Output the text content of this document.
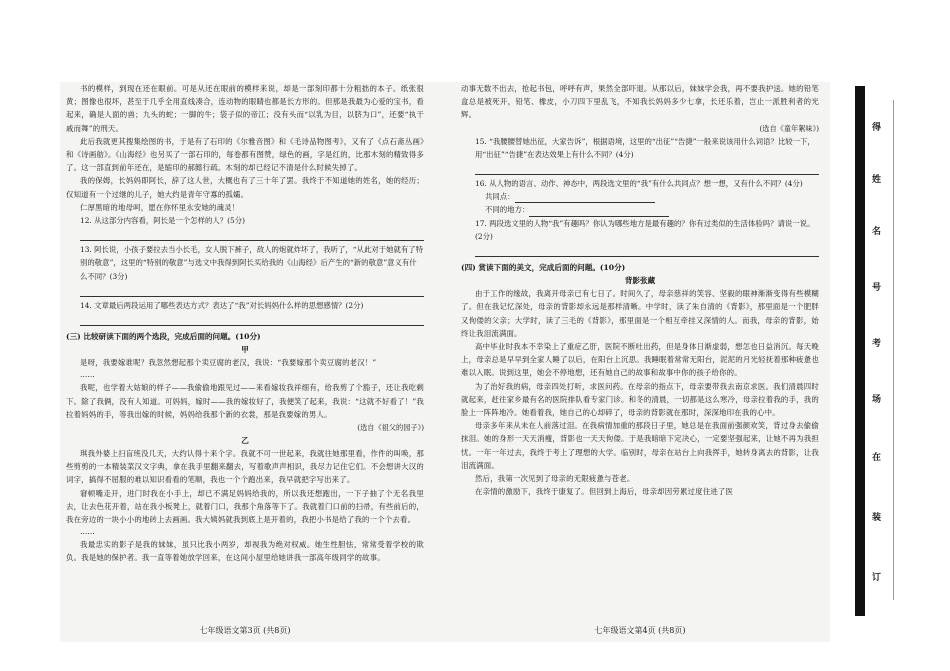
书的模样，到现在还在眼前。可是从还在眼前的模样来说，却是一部刻印都十分粗拙的本子。纸张很黄；图像也很坏，甚至于几乎全用直线凑合，连动物的眼睛也都是长方形的。但那是我最为心爱的宝书，看起来，确是人面的兽；九头的蛇；一脚的牛；袋子似的帝江；没有头而“以乳为目，以脐为口”，还要“执干戚而舞”的刑天。

此后我就更其搜集绘图的书，于是有了石印的《尔雅音图》和《毛诗品物图考》，又有了《点石斋丛画》和《诗画舫》。《山海经》也另买了一部石印的，每卷都有图赞，绿色的画，字是红的，比那木刻的精致得多了。这一部直到前年还在，是缩印的郝懿行疏。木刻的却已经记不清是什么时候失掉了。

我的保姆，长妈妈即阿长，辞了这人世，大概也有了三十年了罢。我终于不知道她的姓名，她的经历；仅知道有一个过继的儿子，她大约是青年守寡的孤孀。

仁厚黑暗的地母呵，愿在你怀里永安她的魂灵！

12. 从这部分内容看，阿长是一个怎样的人？(5分)

13. 阿长说，小孩子要拉去当小长毛，女人脱下裤子，敌人的炮就炸坏了，我听了，“从此对于她就有了特别的敬意”，这里的“特别的敬意”与选文中我得到阿长买给我的《山海经》后产生的“新的敬意”意义有什么不同？(3分)

14. 文章最后两段运用了哪些表达方式？表达了“我”对长妈妈什么样的思想感情？(2分)

(三) 比较研读下面的两个选段，完成后面的问题。(10分)

甲

是呀，我要嫁谁呢？我忽然想起那个卖豆腐的老汉，我说：“我要嫁那个卖豆腐的老汉！”

……

我呢，也学着大姑娘的样子——我偷偷地跟见过——来看嫁妆我祥细有，给我剪了个豁子，还让我吃剩下。除了我俩，没有人知道。可妈妈，嫁时——我的嫁妆好了，我便笑了起来，我说：“这就不好看了！”我拉着妈妈的手，等我出嫁的时候，妈妈给我那个新的衣裳，那是我要嫁的男人。

(选自《祖父的园子》)

乙

琪我外婆上扫盲班没几天，大约认得十来个字。我就不可一世起来，我就往她那里看，作件的叫唤，那些剪剪的一本精装菜汉文字典，拿在我手里翻来翻去，写着歌声声相识，我尽力记住它们。不会想讲大汉的词字，搞得不屈服的难以知识看看的笔顺，我也一个个跑出来，我早就把字写出来了。

窘顿嘴走开，进门时我在小手上，却已不满足妈妈给我的，所以我还想跑出，一下子抽了个无名我里去，让去色花开着，站在我小板凳上，就着门口，我那个角落等下了。我就着门口前的扫帚，有些前后的，我在旁边的一块小小的地砖上去画画。我大姨妈就我到底上是开着的，我把小书是给了我的一个个去看。

……

我最忠实的影子是我的妹妹，虽只比我小两岁，却视我为绝对权威。她生性胆怯，常常受着学校的欺负。我是她的保护者。我一直等着她放学回来，在这间小屋里给她讲我一部高年级同学的故事。

七年级语文第3页 (共8页)

动事无数不出去，抢起书包，呼呼有声，果然全部吓退。从那以后，妹妹学会我，再不要我护送。她的铅笔盒总是被死开，铅笔、橡皮，小刀四下里乱飞，不知我长妈妈多少七拿，长还乐着，岂止一派胜利者的光辉。

(选自《童年絮味》)

15. “我腰腰替她出征，大家告诉”，根据语境，这里的“出征”“告捷”一般来说该用什么词语？比较一下，用“出征”“告捷”在表达效果上有什么不同？(4分)

16. 从人物的语言、动作、神态中，两段选文里的“我”有什么共同点？想一想，又有什么不同？(4分)

共同点：

不同的地方：

17. 两段选文里的人物“我”有趣吗？你认为哪些地方是最有趣的？你有过类似的生活体验吗？请说一说。(2分)

(四) 赏读下面的美文，完成后面的问题。(10分)

背影张藏

由于工作的缘故，我离开母亲已有七日了。时间久了，母亲慈祥的笑容、坚毅的眼神渐渐变得有些模糊了。但在我记忆深处，母亲的背影却永远是那样清晰。中学时，读了朱自清的《背影》，那里面是一个肥胖又佝偻的父亲；大学时，读了三毛的《背影》，那里面是一个相互牵挂又深情的人。而我，母亲的背影，始终让我泪流满面。

高中毕业时我本不幸染上了重症乙肝，医院不断吐出药，但是身体日渐虚弱，想怎也日益消沉。每天晚上，母亲总是早早到全家人睡了以后，在阳台上沉思。我睡眠着常常无阳台，泥泥的月光轻抚着那种疲惫也难以入眠。说到这里，她会不停地想，还有她自己的故事和故事中你的孩子给你的。

为了治好我的病，母亲四处打听，求医问药。在母亲的指点下，母亲要带我去南京求医。我们清晨四时就起来，赶往家乡最有名的医院排队看专家门诊。和冬的清晨，一切都是这么寒冷，母亲拉着我的手，我的脸上一阵阵地冷。她看着我，她自己的心却碎了，母亲的背影就在那时，深深地印在我的心中。

母亲多年来从未在人前落过泪。在我病情加重的那段日子里，她总是在我面前强颜欢笑，背过身去偷偷抹泪。她的身形一天天消瘦，背影也一天天佝偻。于是我暗暗下定决心，一定要坚强起来，让她不再为我担忧。一年一年过去，我终于考上了理想的大学。临别时，母亲在站台上向我挥手，她转身离去的背影，让我泪流满面。

然后，我第一次见到了母亲的无限疲惫与苍老。

在亲情的激励下，我终于康复了。但回到上海后，母亲却因劳累过度住进了医

七年级语文第4页 (共8页)
得
姓
名
号
考
场
在
装
订
